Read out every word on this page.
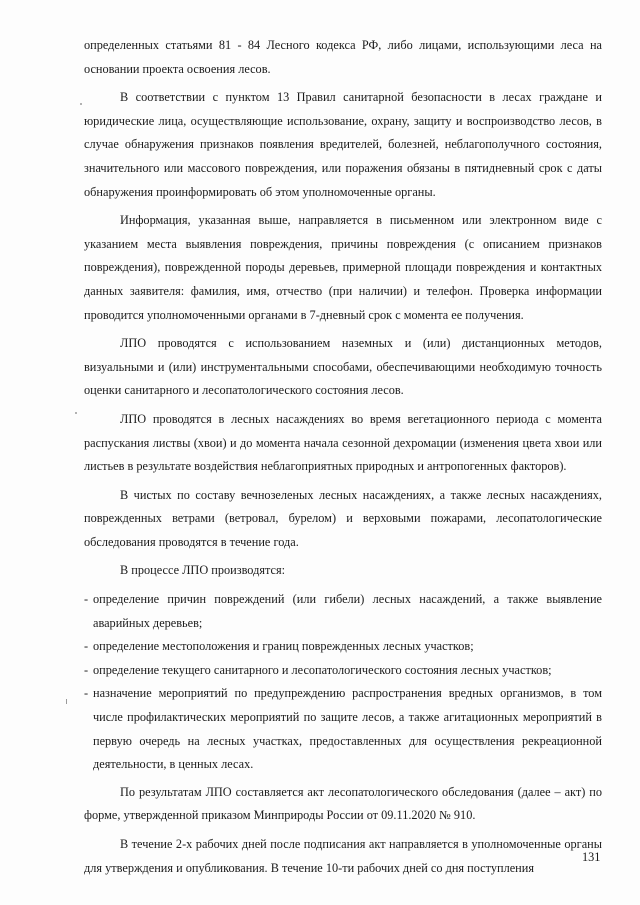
определенных статьями 81 - 84 Лесного кодекса РФ, либо лицами, использующими леса на основании проекта освоения лесов.

В соответствии с пунктом 13 Правил санитарной безопасности в лесах граждане и юридические лица, осуществляющие использование, охрану, защиту и воспроизводство лесов, в случае обнаружения признаков появления вредителей, болезней, неблагополучного состояния, значительного или массового повреждения, или поражения обязаны в пятидневный срок с даты обнаружения проинформировать об этом уполномоченные органы.

Информация, указанная выше, направляется в письменном или электронном виде с указанием места выявления повреждения, причины повреждения (с описанием признаков повреждения), поврежденной породы деревьев, примерной площади повреждения и контактных данных заявителя: фамилия, имя, отчество (при наличии) и телефон. Проверка информации проводится уполномоченными органами в 7-дневный срок с момента ее получения.

ЛПО проводятся с использованием наземных и (или) дистанционных методов, визуальными и (или) инструментальными способами, обеспечивающими необходимую точность оценки санитарного и лесопатологического состояния лесов.

ЛПО проводятся в лесных насаждениях во время вегетационного периода с момента распускания листвы (хвои) и до момента начала сезонной дехромации (изменения цвета хвои или листьев в результате воздействия неблагоприятных природных и антропогенных факторов).

В чистых по составу вечнозеленых лесных насаждениях, а также лесных насаждениях, поврежденных ветрами (ветровал, бурелом) и верховыми пожарами, лесопатологические обследования проводятся в течение года.

В процессе ЛПО производятся:

- определение причин повреждений (или гибели) лесных насаждений, а также выявление аварийных деревьев;
- определение местоположения и границ поврежденных лесных участков;
- определение текущего санитарного и лесопатологического состояния лесных участков;
- назначение мероприятий по предупреждению распространения вредных организмов, в том числе профилактических мероприятий по защите лесов, а также агитационных мероприятий в первую очередь на лесных участках, предоставленных для осуществления рекреационной деятельности, в ценных лесах.

По результатам ЛПО составляется акт лесопатологического обследования (далее – акт) по форме, утвержденной приказом Минприроды России от 09.11.2020 № 910.

В течение 2-х рабочих дней после подписания акт направляется в уполномоченные органы для утверждения и опубликования. В течение 10-ти рабочих дней со дня поступления

131
